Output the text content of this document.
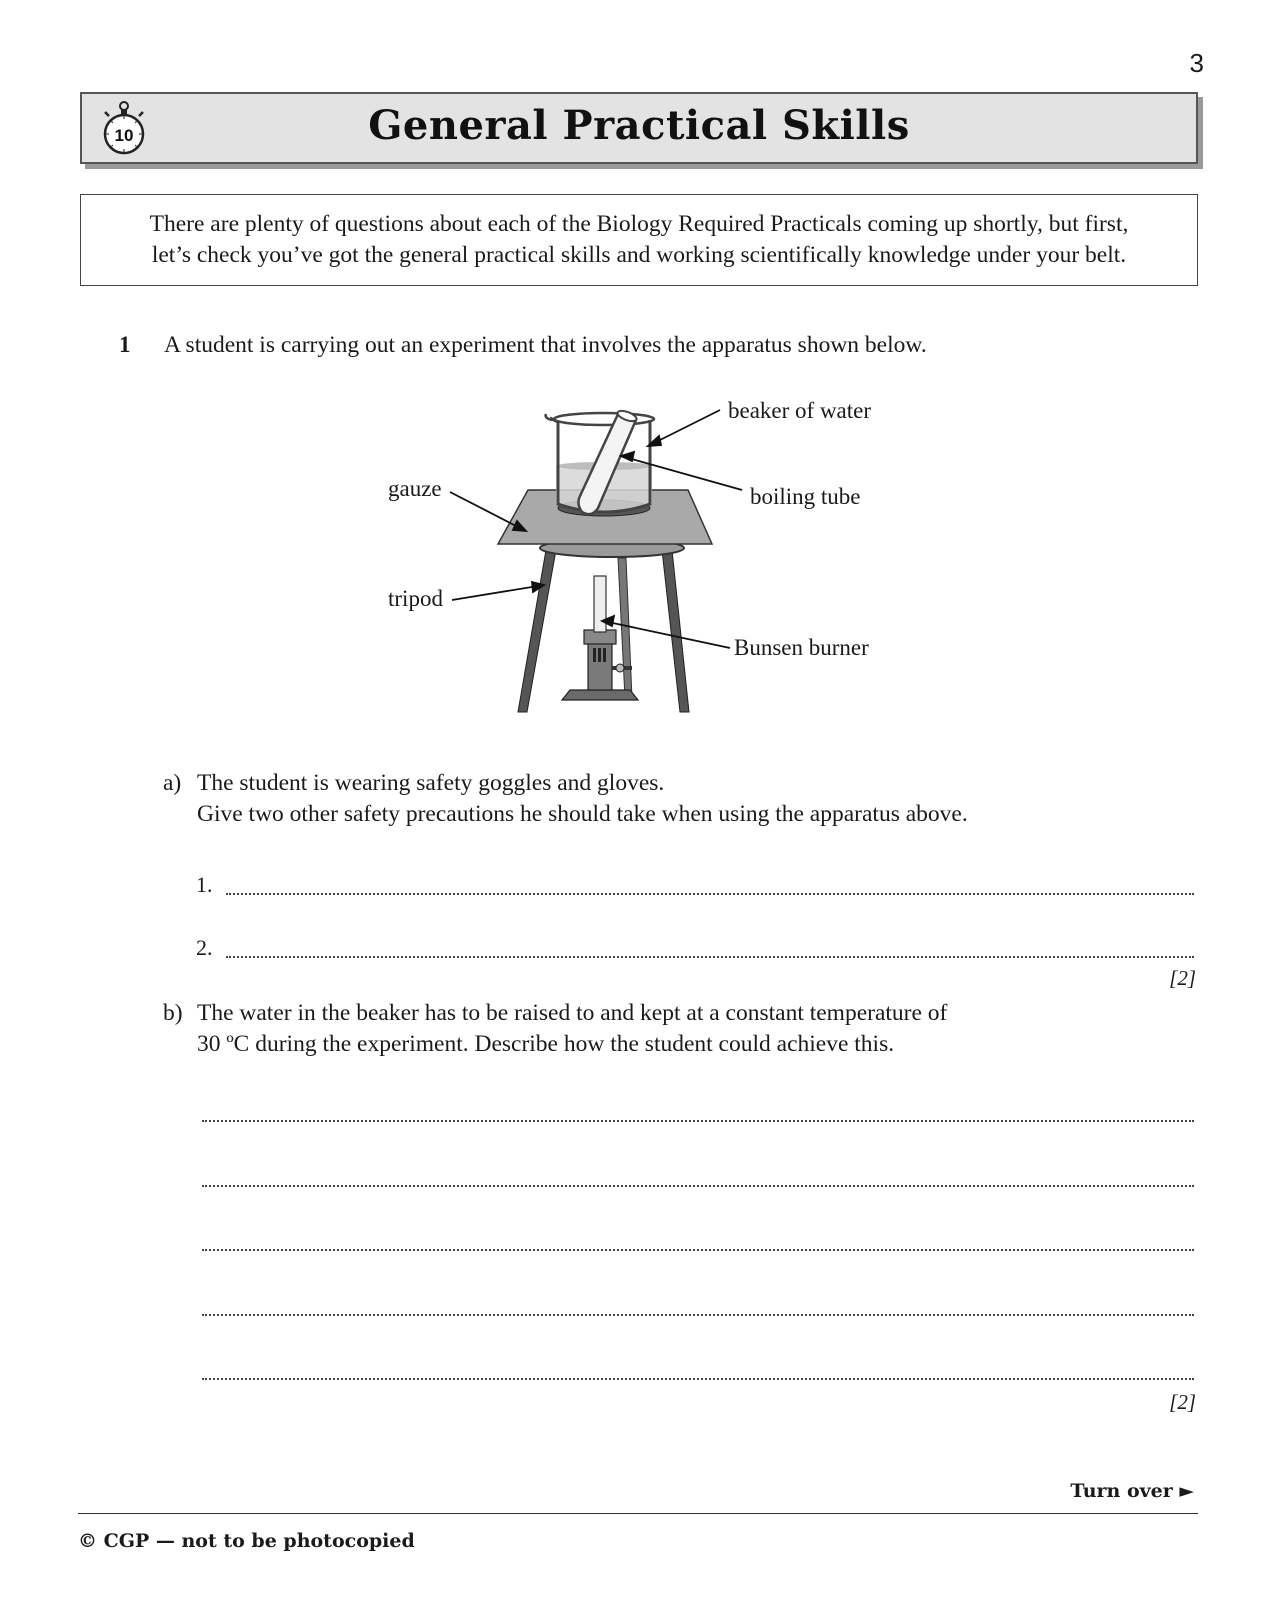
3
10	General Practical Skills
There are plenty of questions about each of the Biology Required Practicals coming up shortly, but first,
let’s check you’ve got the general practical skills and working scientifically knowledge under your belt.
1 A student is carrying out an experiment that involves the apparatus shown below.
beaker of water
boiling tube
gauze
tripod
Bunsen burner
a) The student is wearing safety goggles and gloves.
Give two other safety precautions he should take when using the apparatus above.
1.
2.
[2]
b) The water in the beaker has to be raised to and kept at a constant temperature of
30 ºC during the experiment. Describe how the student could achieve this.
[2]
Turn over ►
© CGP — not to be photocopied
